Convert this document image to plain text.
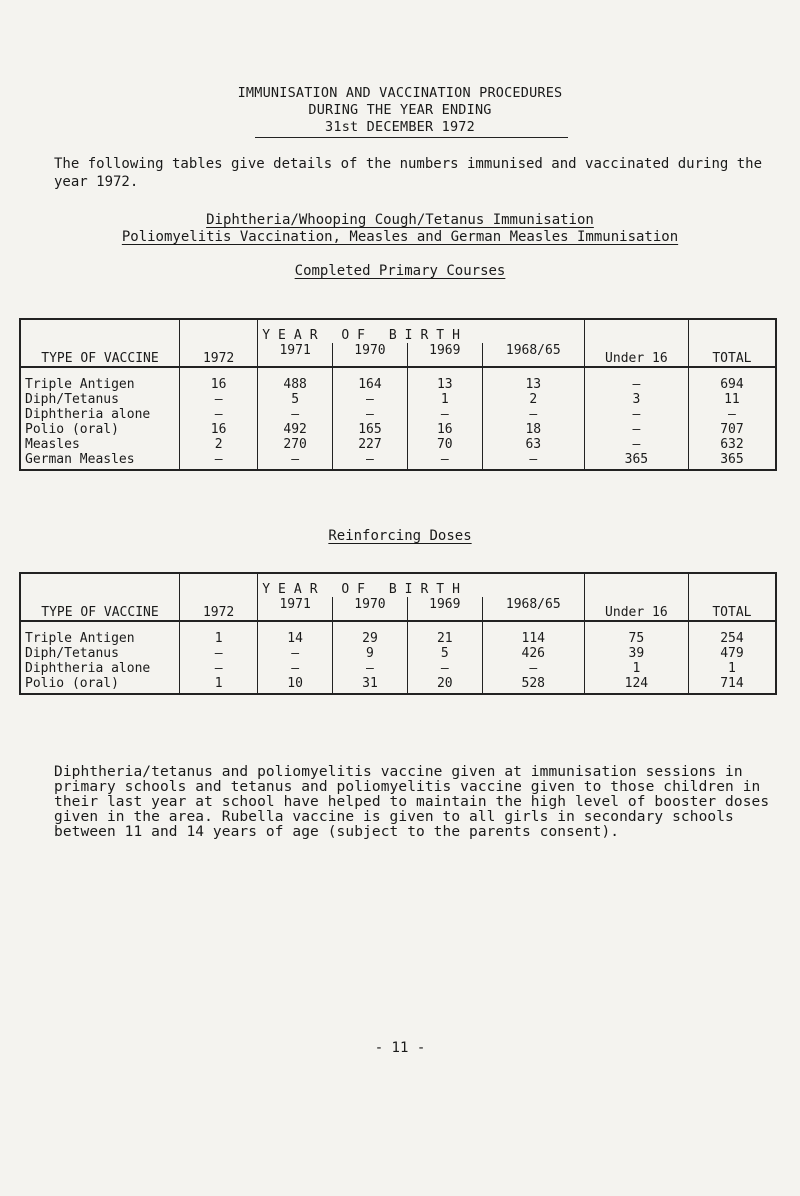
IMMUNISATION AND VACCINATION PROCEDURES
DURING THE YEAR ENDING
31st DECEMBER 1972
The following tables give details of the numbers immunised and vaccinated during the year 1972.
Diphtheria/Whooping Cough/Tetanus Immunisation
Poliomyelitis Vaccination, Measles and German Measles Immunisation
Completed Primary Courses
TYPE OF VACCINE	1972	YEAR OF BIRTH				Under 16	TOTAL
		1971	1970	1969	1968/65		
Triple Antigen	16	488	164	13	13	–	694
Diph/Tetanus	–	5	–	1	2	3	11
Diphtheria alone	–	–	–	–	–	–	–
Polio (oral)	16	492	165	16	18	–	707
Measles	2	270	227	70	63	–	632
German Measles	–	–	–	–	–	365	365
Reinforcing Doses
TYPE OF VACCINE	1972	YEAR OF BIRTH				Under 16	TOTAL
		1971	1970	1969	1968/65		
Triple Antigen	1	14	29	21	114	75	254
Diph/Tetanus	–	–	9	5	426	39	479
Diphtheria alone	–	–	–	–	–	1	1
Polio (oral)	1	10	31	20	528	124	714
Diphtheria/tetanus and poliomyelitis vaccine given at immunisation sessions in primary schools and tetanus and poliomyelitis vaccine given to those children in their last year at school have helped to maintain the high level of booster doses given in the area. Rubella vaccine is given to all girls in secondary schools between 11 and 14 years of age (subject to the parents consent).
- 11 -
